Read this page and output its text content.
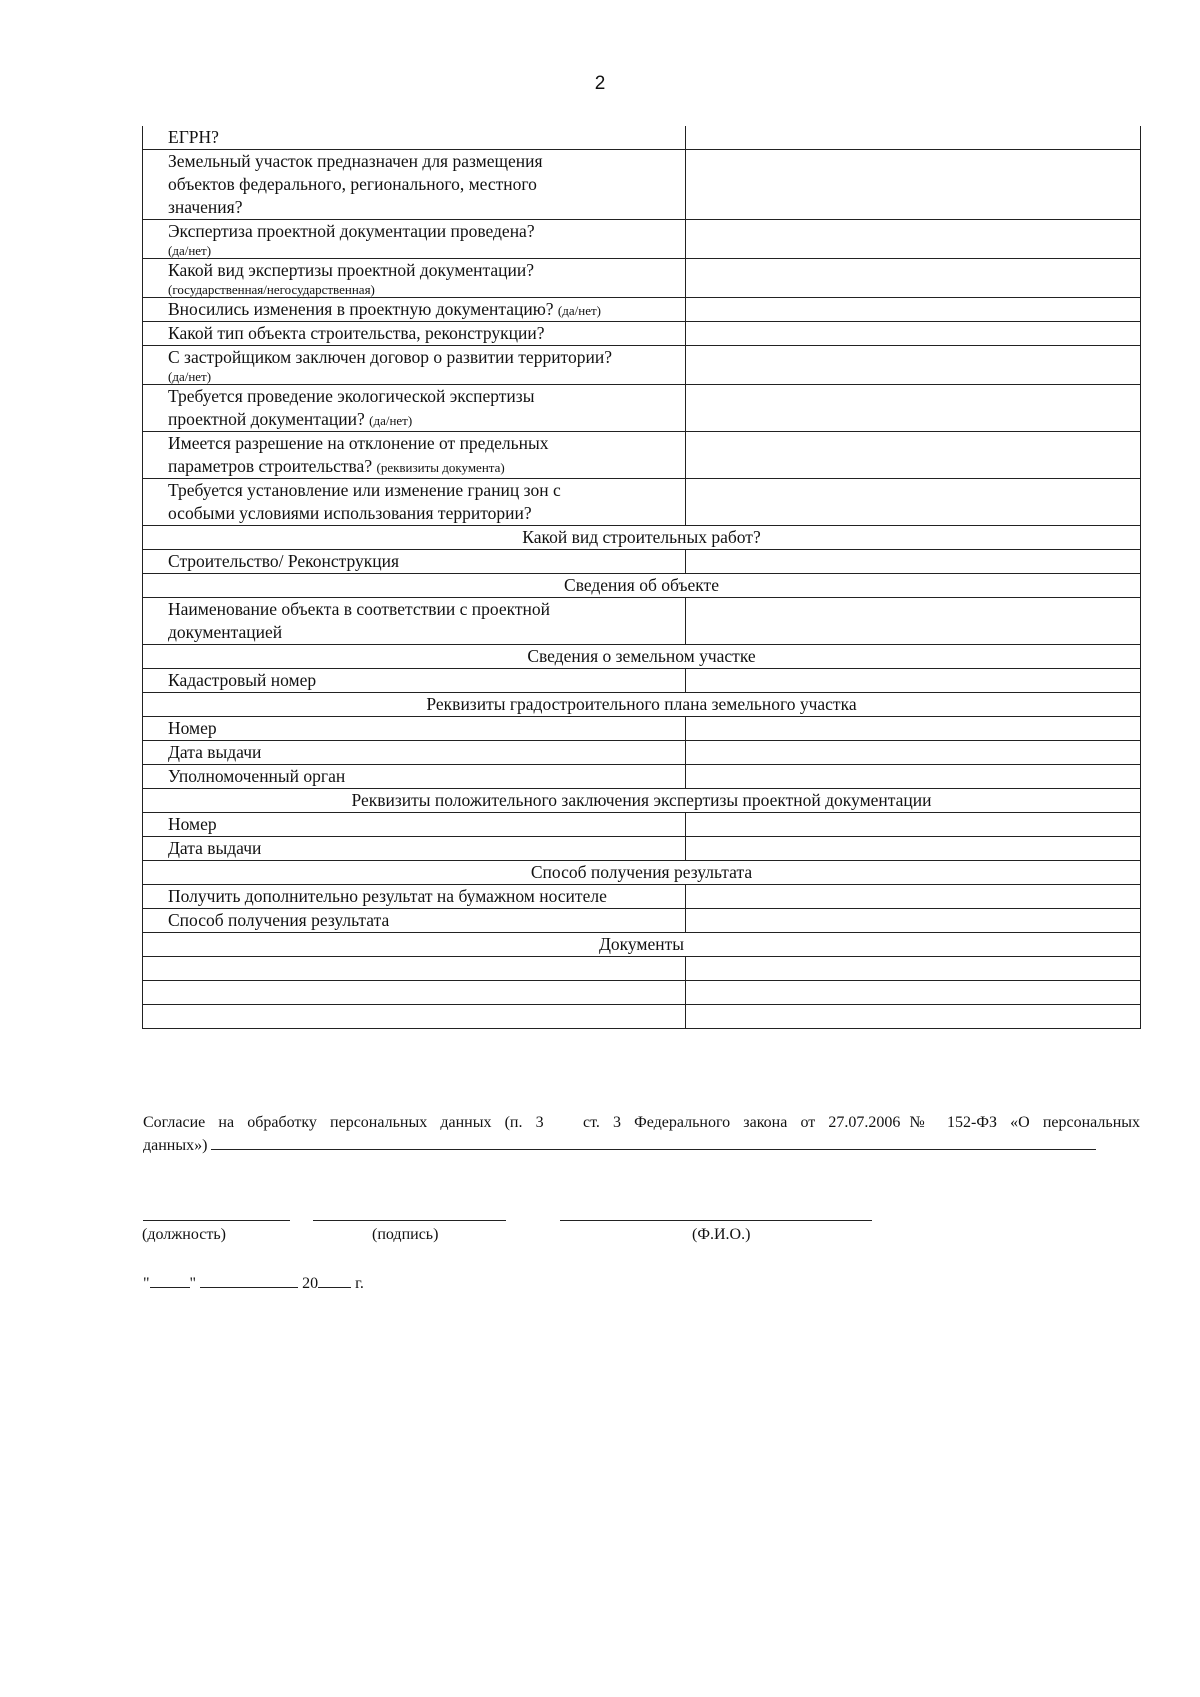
2
ЕГРН?	

Земельный участок предназначен для размещения
объектов федерального, регионального, местного
значения?	

Экспертиза проектной документации проведена?
(да/нет)	

Какой вид экспертизы проектной документации?
(государственная/негосударственная)	

Вносились изменения в проектную документацию? (да/нет)	

Какой тип объекта строительства, реконструкции?	

С застройщиком заключен договор о развитии территории?
(да/нет)	

Требуется проведение экологической экспертизы
проектной документации? (да/нет)	

Имеется разрешение на отклонение от предельных
параметров строительства? (реквизиты документа)	

Требуется установление или изменение границ зон с
особыми условиями использования территории?	

Какой вид строительных работ?	

Строительство/ Реконструкция	

Сведения об объекте	

Наименование объекта в соответствии с проектной
документацией	

Сведения о земельном участке	

Кадастровый номер	

Реквизиты градостроительного плана земельного участка	

Номер	

Дата выдачи	

Уполномоченный орган	

Реквизиты положительного заключения экспертизы проектной документации	

Номер	

Дата выдачи	

Способ получения результата	

Получить дополнительно результат на бумажном носителе	

Способ получения результата	

Документы	

Согласие на обработку персональных данных (п. 3   ст. 3 Федерального закона от 27.07.2006№ 152-ФЗ «О персональных
данных»)
(должность)	(подпись)	(Ф.И.О.)
"	"	20 г.
